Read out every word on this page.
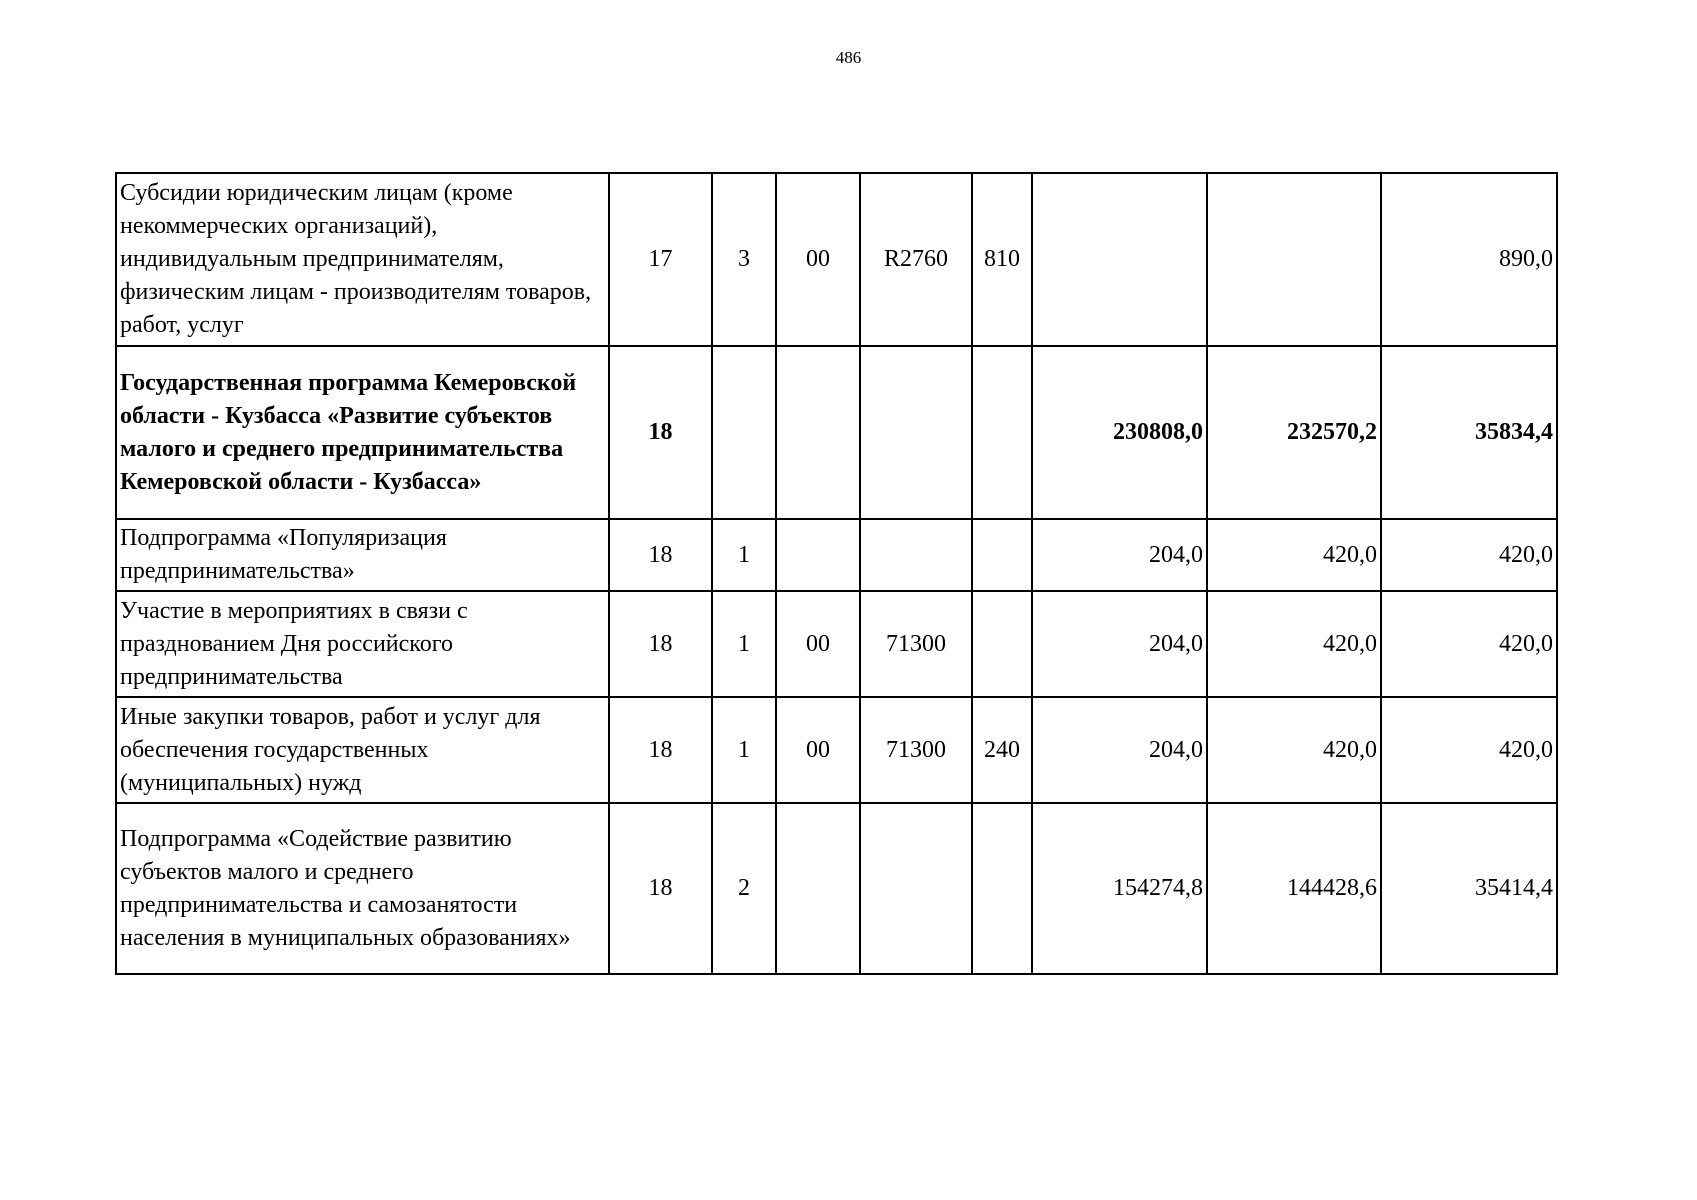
486
Субсидии юридическим лицам (кроме некоммерческих организаций), индивидуальным предпринимателям, физическим лицам - производителям товаров, работ, услуг	17	3	00	R2760	810			890,0
Государственная программа Кемеровской области - Кузбасса «Развитие субъектов малого и среднего предпринимательства Кемеровской области - Кузбасса»	18					230808,0	232570,2	35834,4
Подпрограмма «Популяризация предпринимательства»	18	1				204,0	420,0	420,0
Участие в мероприятиях в связи с празднованием Дня российского предпринимательства	18	1	00	71300		204,0	420,0	420,0
Иные закупки товаров, работ и услуг для обеспечения государственных (муниципальных) нужд	18	1	00	71300	240	204,0	420,0	420,0
Подпрограмма «Содействие развитию субъектов малого и среднего предпринимательства и самозанятости населения в муниципальных образованиях»	18	2				154274,8	144428,6	35414,4
